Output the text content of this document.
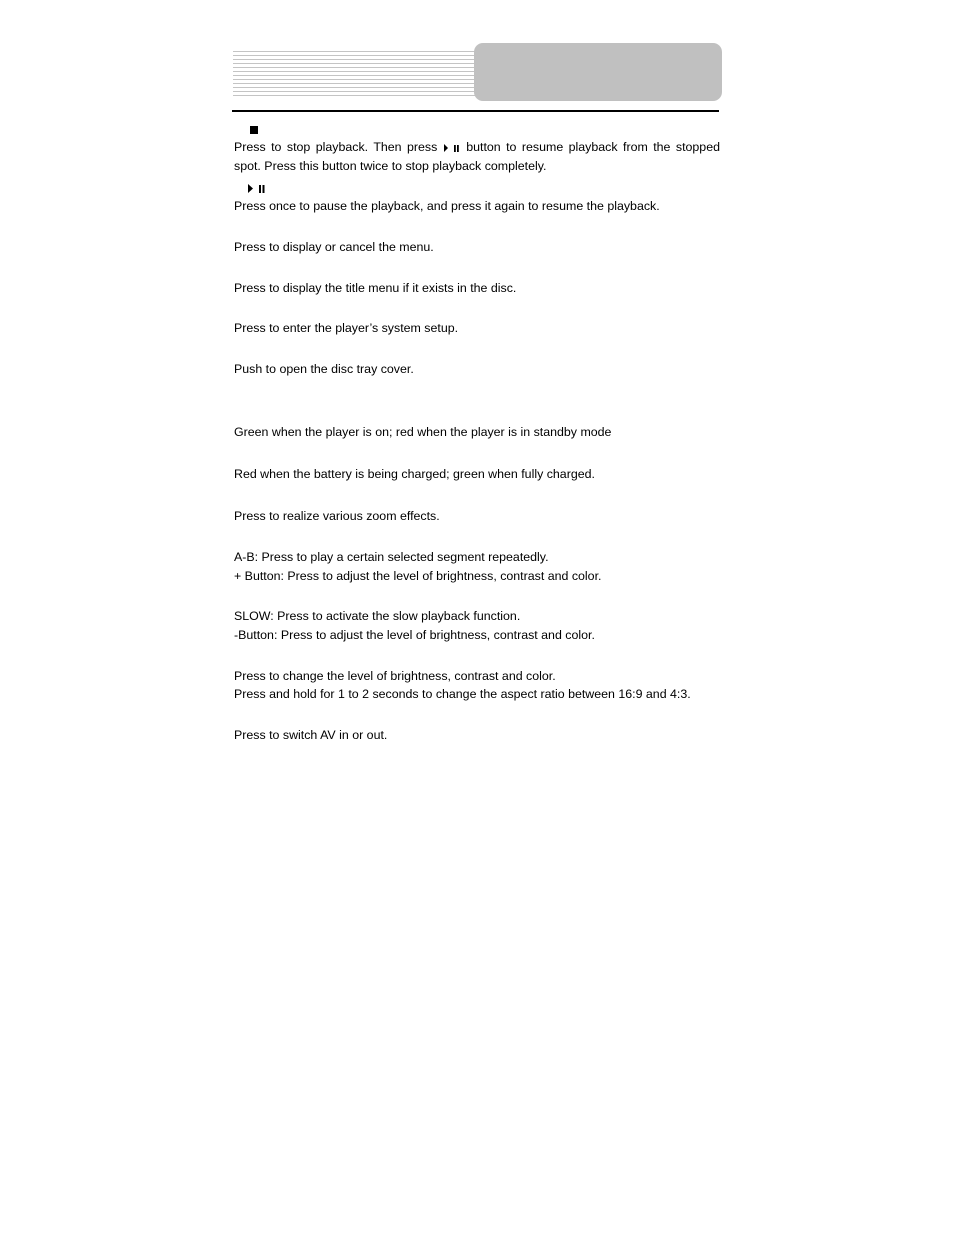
Press to stop playback. Then press button to resume playback from the stopped
spot. Press this button twice to stop playback completely.
Press once to pause the playback, and press it again to resume the playback.
Press to display or cancel the menu.
Press to display the title menu if it exists in the disc.
Press to enter the player’s system setup.
Push to open the disc tray cover.
Green when the player is on; red when the player is in standby mode
Red when the battery is being charged; green when fully charged.
Press to realize various zoom effects.
A-B: Press to play a certain selected segment repeatedly.
+ Button: Press to adjust the level of brightness, contrast and color.
SLOW: Press to activate the slow playback function.
-Button: Press to adjust the level of brightness, contrast and color.
Press to change the level of brightness, contrast and color.
Press and hold for 1 to 2 seconds to change the aspect ratio between 16:9 and 4:3.
Press to switch AV in or out.
